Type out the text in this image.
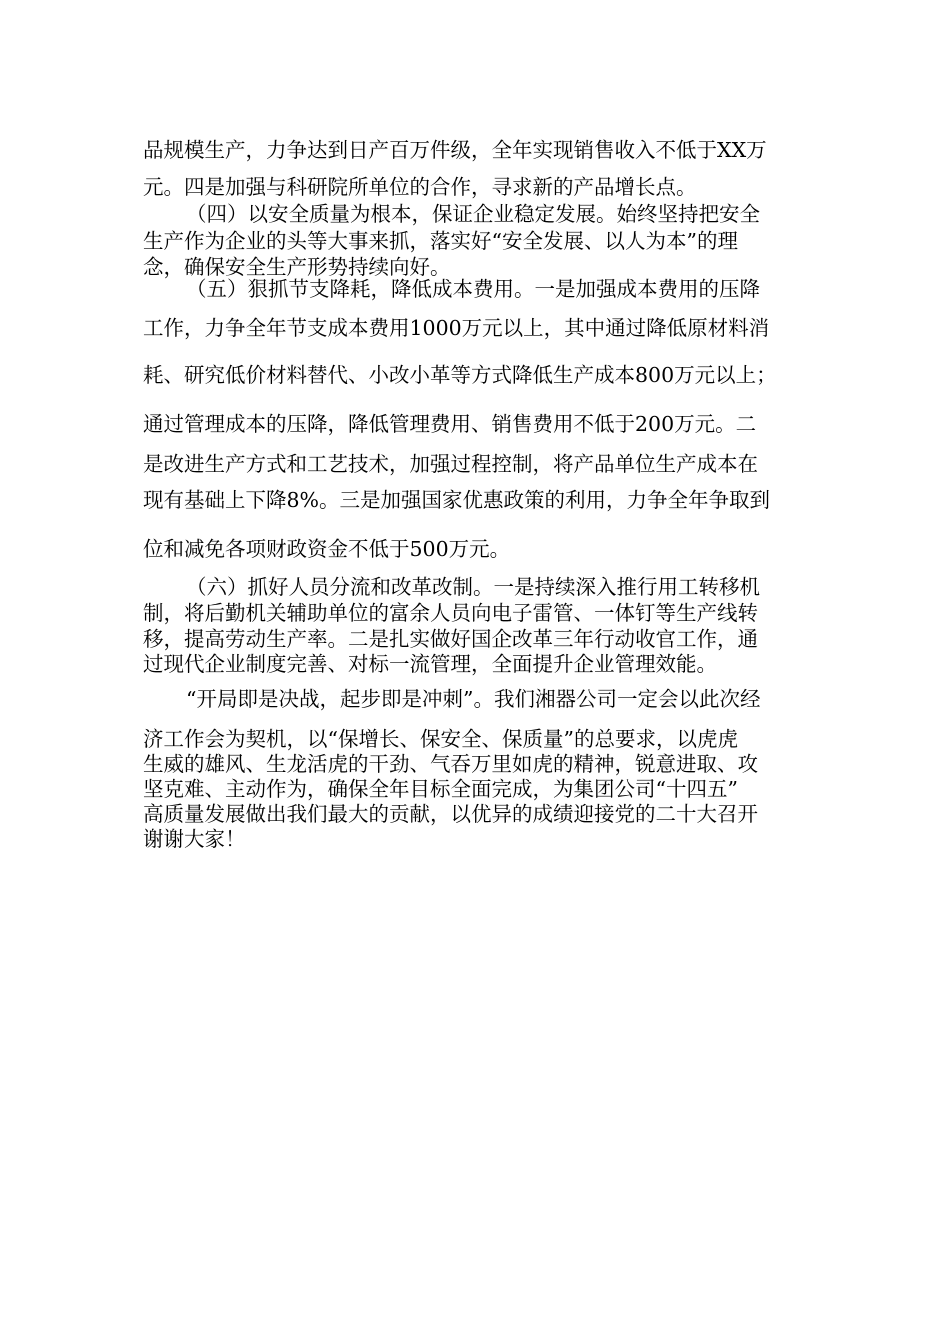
品规模生产，力争达到日产百万件级，全年实现销售收入不低于XX万
元。四是加强与科研院所单位的合作，寻求新的产品增长点。
（四）以安全质量为根本，保证企业稳定发展。始终坚持把安全
生产作为企业的头等大事来抓，落实好“安全发展、以人为本”的理
念，确保安全生产形势持续向好。
（五）狠抓节支降耗，降低成本费用。一是加强成本费用的压降
工作，力争全年节支成本费用1000万元以上，其中通过降低原材料消
耗、研究低价材料替代、小改小革等方式降低生产成本800万元以上；
通过管理成本的压降，降低管理费用、销售费用不低于200万元。二
是改进生产方式和工艺技术，加强过程控制，将产品单位生产成本在
现有基础上下降8%。三是加强国家优惠政策的利用，力争全年争取到
位和减免各项财政资金不低于500万元。
（六）抓好人员分流和改革改制。一是持续深入推行用工转移机
制，将后勤机关辅助单位的富余人员向电子雷管、一体钉等生产线转
移，提高劳动生产率。二是扎实做好国企改革三年行动收官工作，通
过现代企业制度完善、对标一流管理，全面提升企业管理效能。
“开局即是决战，起步即是冲刺”。我们湘器公司一定会以此次经
济工作会为契机，以“保增长、保安全、保质量”的总要求，以虎虎
生威的雄风、生龙活虎的干劲、气吞万里如虎的精神，锐意进取、攻
坚克难、主动作为，确保全年目标全面完成，为集团公司“十四五”
高质量发展做出我们最大的贡献，以优异的成绩迎接党的二十大召开
谢谢大家！
